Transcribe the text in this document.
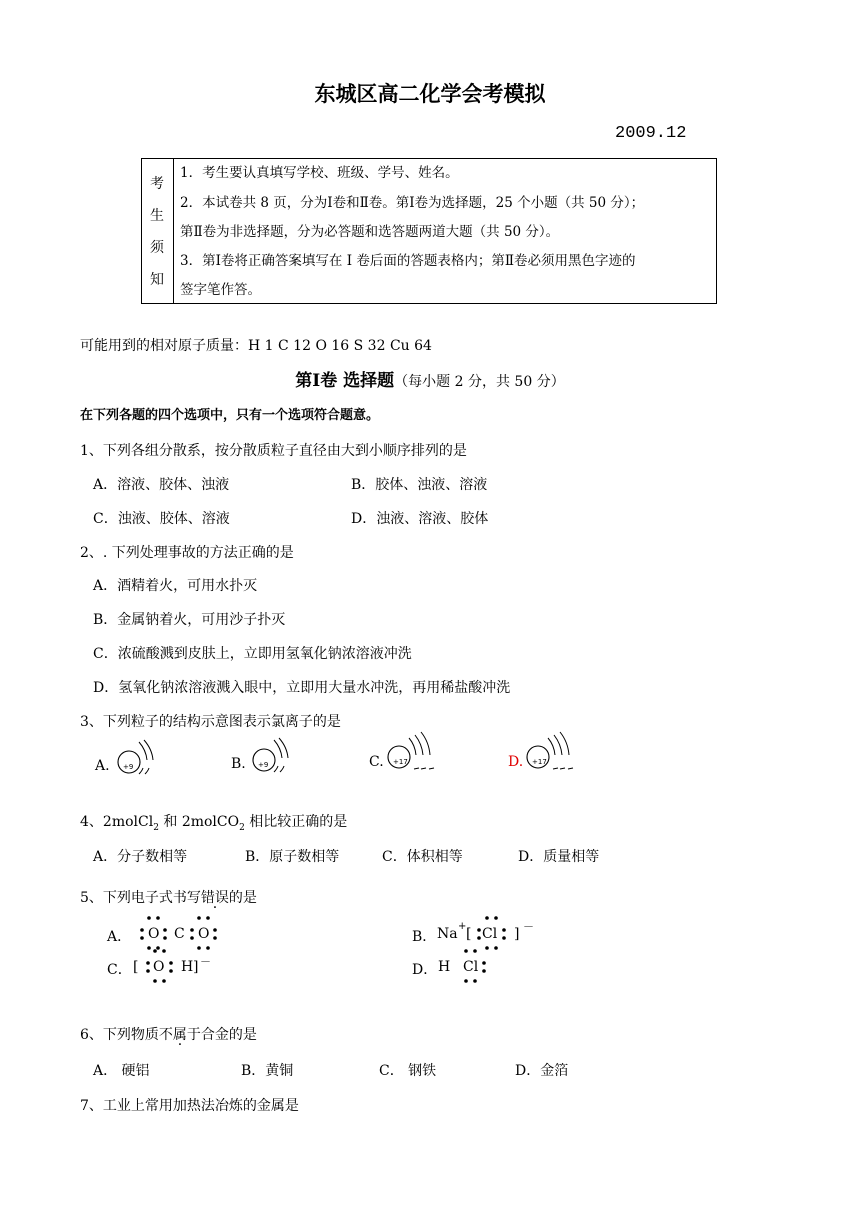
东城区高二化学会考模拟
2009.12
考
生
须
知
1．考生要认真填写学校、班级、学号、姓名。
2．本试卷共 8 页，分为Ⅰ卷和Ⅱ卷。第Ⅰ卷为选择题，25 个小题（共 50 分）；
第Ⅱ卷为非选择题，分为必答题和选答题两道大题（共 50 分）。
3．第Ⅰ卷将正确答案填写在 I 卷后面的答题表格内；第Ⅱ卷必须用黑色字迹的
签字笔作答。
可能用到的相对原子质量：H 1 C 12 O 16 S 32 Cu 64
第Ⅰ卷 选择题（每小题 2 分，共 50 分）
在下列各题的四个选项中，只有一个选项符合题意。
1、下列各组分散系，按分散质粒子直径由大到小顺序排列的是
A．溶液、胶体、浊液	B．胶体、浊液、溶液
C．浊液、胶体、溶液	D．浊液、溶液、胶体
2、. 下列处理事故的方法正确的是
A．酒精着火，可用水扑灭
B．金属钠着火，可用沙子扑灭
C．浓硫酸溅到皮肤上，立即用氢氧化钠浓溶液冲洗
D．氢氧化钠浓溶液溅入眼中，立即用大量水冲洗，再用稀盐酸冲洗
3、下列粒子的结构示意图表示氯离子的是
A. +9	B. +9	C. +17	D. +17
4、2molCl$_2$ 和 2molCO$_2$ 相比较正确的是
A．分子数相等	B．原子数相等	C．体积相等	D．质量相等
5、下列电子式书写错误的是
A． O C O	B． Na + [ Cl ] －
C． [ O H ] －
D． H Cl
6、下列物质不属于合金的是
A． 硬铝	B．黄铜	C． 钢铁	D．金箔
7、工业上常用加热法冶炼的金属是
